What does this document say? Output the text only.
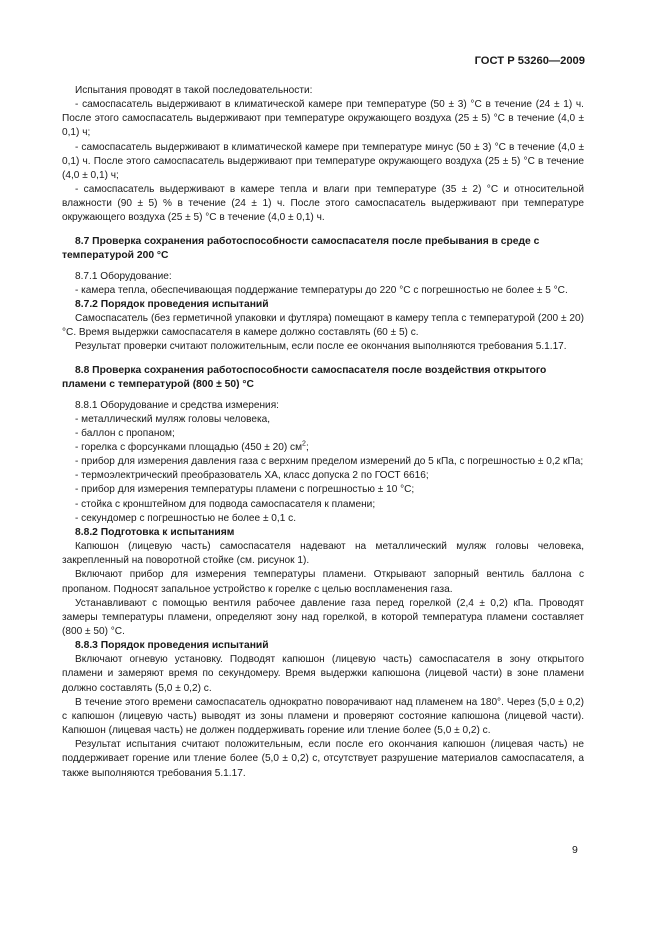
ГОСТ Р 53260—2009

Испытания проводят в такой последовательности:

- самоспасатель выдерживают в климатической камере при температуре (50 ± 3) °С в течение (24 ± 1) ч. После этого самоспасатель выдерживают при температуре окружающего воздуха (25 ± 5) °С в течение (4,0 ± 0,1) ч;

- самоспасатель выдерживают в климатической камере при температуре минус (50 ± 3) °С в течение (4,0 ± 0,1) ч. После этого самоспасатель выдерживают при температуре окружающего воздуха (25 ± 5) °С в течение (4,0 ± 0,1) ч;

- самоспасатель выдерживают в камере тепла и влаги при температуре (35 ± 2) °С и относительной влажности (90 ± 5) % в течение (24 ± 1) ч. После этого самоспасатель выдерживают при температуре окружающего воздуха (25 ± 5) °С в течение (4,0 ± 0,1) ч.

8.7 Проверка сохранения работоспособности самоспасателя после пребывания в среде с температурой 200 °С

8.7.1 Оборудование:

- камера тепла, обеспечивающая поддержание температуры до 220 °С с погрешностью не более ± 5 °С.

8.7.2 Порядок проведения испытаний

Самоспасатель (без герметичной упаковки и футляра) помещают в камеру тепла с температурой (200 ± 20) °С. Время выдержки самоспасателя в камере должно составлять (60 ± 5) с.

Результат проверки считают положительным, если после ее окончания выполняются требования 5.1.17.

8.8 Проверка сохранения работоспособности самоспасателя после воздействия открытого пламени с температурой (800 ± 50) °С

8.8.1 Оборудование и средства измерения:

- металлический муляж головы человека,

- баллон с пропаном;

- горелка с форсунками площадью (450 ± 20) $см^2$;

- прибор для измерения давления газа с верхним пределом измерений до 5 кПа, с погрешностью ± 0,2 кПа;

- термоэлектрический преобразователь ХА, класс допуска 2 по ГОСТ 6616;

- прибор для измерения температуры пламени с погрешностью ± 10 °С;

- стойка с кронштейном для подвода самоспасателя к пламени;

- секундомер с погрешностью не более ± 0,1 с.

8.8.2 Подготовка к испытаниям

Капюшон (лицевую часть) самоспасателя надевают на металлический муляж головы человека, закрепленный на поворотной стойке (см. рисунок 1).

Включают прибор для измерения температуры пламени. Открывают запорный вентиль баллона с пропаном. Подносят запальное устройство к горелке с целью воспламенения газа.

Устанавливают с помощью вентиля рабочее давление газа перед горелкой (2,4 ± 0,2) кПа. Проводят замеры температуры пламени, определяют зону над горелкой, в которой температура пламени составляет (800 ± 50) °С.

8.8.3 Порядок проведения испытаний

Включают огневую установку. Подводят капюшон (лицевую часть) самоспасателя в зону открытого пламени и замеряют время по секундомеру. Время выдержки капюшона (лицевой части) в зоне пламени должно составлять (5,0 ± 0,2) с.

В течение этого времени самоспасатель однократно поворачивают над пламенем на 180°. Через (5,0 ± 0,2) с капюшон (лицевую часть) выводят из зоны пламени и проверяют состояние капюшона (лицевой части). Капюшон (лицевая часть) не должен поддерживать горение или тление более (5,0 ± 0,2) с.

Результат испытания считают положительным, если после его окончания капюшон (лицевая часть) не поддерживает горение или тление более (5,0 ± 0,2) с, отсутствует разрушение материалов самоспасателя, а также выполняются требования 5.1.17.

9
